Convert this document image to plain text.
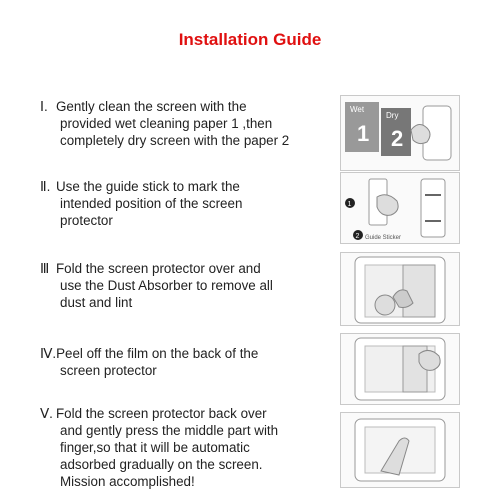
Installation Guide
Ⅰ. Gently clean the screen with the
provided wet cleaning paper 1 ,then
completely dry screen with the paper 2
Wet
1
Dry
2
Ⅱ. Use the guide stick to mark the
intended position of the screen
protector
1
2 Guide Sticker
Ⅲ Fold the screen protector over and
use the Dust Absorber to remove all
dust and lint
Ⅳ.Peel off the film on the back of the
screen protector
Ⅴ. Fold the screen protector back over
and gently press the middle part with
finger,so that it will be automatic
adsorbed gradually on the screen.
Mission accomplished!
